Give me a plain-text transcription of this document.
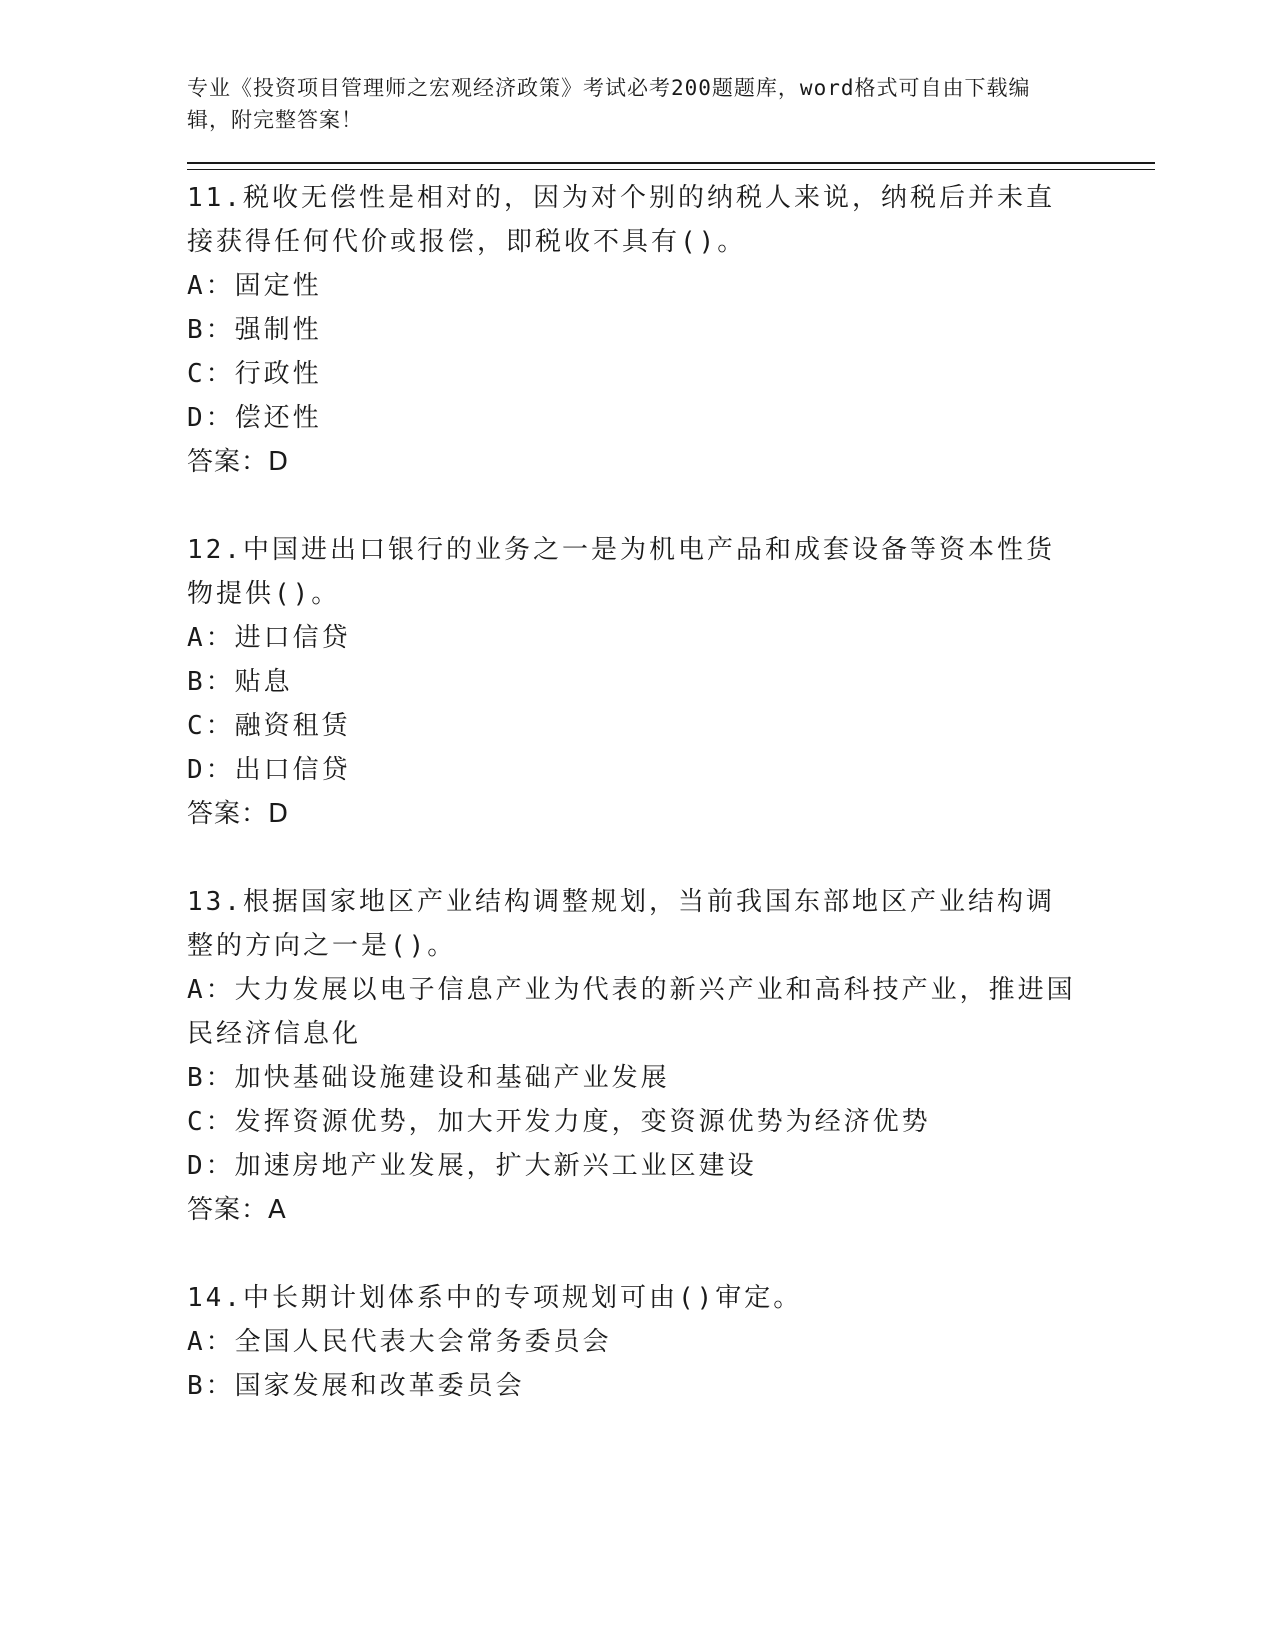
专业《投资项目管理师之宏观经济政策》考试必考200题题库，word格式可自由下载编辑，附完整答案！

11.税收无偿性是相对的，因为对个别的纳税人来说，纳税后并未直接获得任何代价或报偿，即税收不具有()。

A：固定性

B：强制性

C：行政性

D：偿还性

答案：D

12.中国进出口银行的业务之一是为机电产品和成套设备等资本性货物提供()。

A：进口信贷

B：贴息

C：融资租赁

D：出口信贷

答案：D

13.根据国家地区产业结构调整规划，当前我国东部地区产业结构调整的方向之一是()。

A：大力发展以电子信息产业为代表的新兴产业和高科技产业，推进国民经济信息化

B：加快基础设施建设和基础产业发展

C：发挥资源优势，加大开发力度，变资源优势为经济优势

D：加速房地产业发展，扩大新兴工业区建设

答案：A

14.中长期计划体系中的专项规划可由()审定。

A：全国人民代表大会常务委员会

B：国家发展和改革委员会
